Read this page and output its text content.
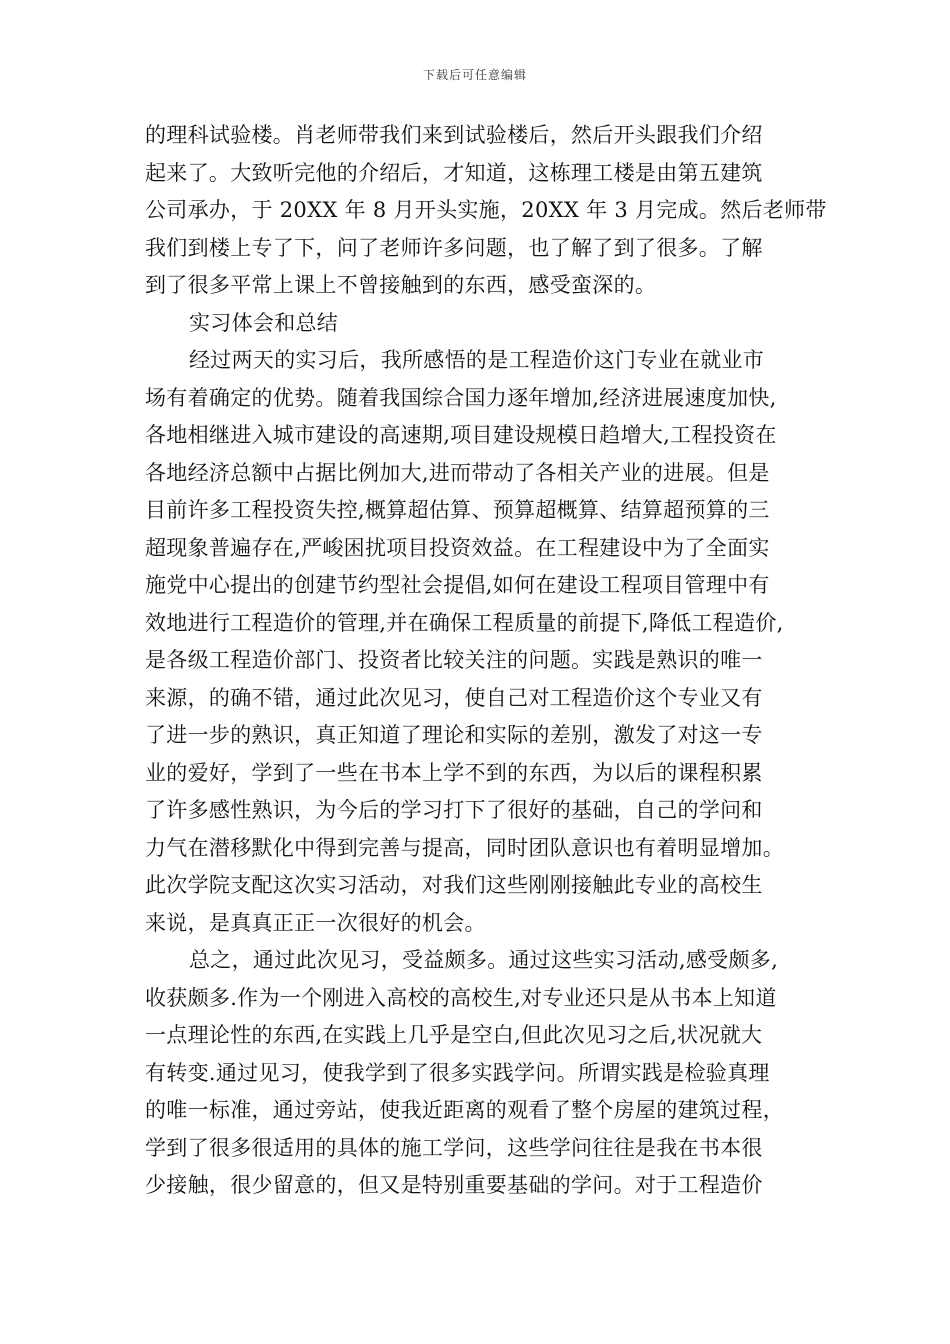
下载后可任意编辑
的理科试验楼。肖老师带我们来到试验楼后，然后开头跟我们介绍
起来了。大致听完他的介绍后，才知道，这栋理工楼是由第五建筑
公司承办，于 20XX 年 8 月开头实施，20XX 年 3 月完成。然后老师带
我们到楼上专了下，问了老师许多问题，也了解了到了很多。了解
到了很多平常上课上不曾接触到的东西，感受蛮深的。
实习体会和总结
经过两天的实习后，我所感悟的是工程造价这门专业在就业市
场有着确定的优势。随着我国综合国力逐年增加,经济进展速度加快,
各地相继进入城市建设的高速期,项目建设规模日趋增大,工程投资在
各地经济总额中占据比例加大,进而带动了各相关产业的进展。但是
目前许多工程投资失控,概算超估算、预算超概算、结算超预算的三
超现象普遍存在,严峻困扰项目投资效益。在工程建设中为了全面实
施党中心提出的创建节约型社会提倡,如何在建设工程项目管理中有
效地进行工程造价的管理,并在确保工程质量的前提下,降低工程造价,
是各级工程造价部门、投资者比较关注的问题。实践是熟识的唯一
来源，的确不错，通过此次见习，使自己对工程造价这个专业又有
了进一步的熟识，真正知道了理论和实际的差别，激发了对这一专
业的爱好，学到了一些在书本上学不到的东西，为以后的课程积累
了许多感性熟识，为今后的学习打下了很好的基础，自己的学问和
力气在潜移默化中得到完善与提高，同时团队意识也有着明显增加。
此次学院支配这次实习活动，对我们这些刚刚接触此专业的高校生
来说，是真真正正一次很好的机会。
总之，通过此次见习，受益颇多。通过这些实习活动,感受颇多,
收获颇多.作为一个刚进入高校的高校生,对专业还只是从书本上知道
一点理论性的东西,在实践上几乎是空白,但此次见习之后,状况就大
有转变.通过见习，使我学到了很多实践学问。所谓实践是检验真理
的唯一标准，通过旁站，使我近距离的观看了整个房屋的建筑过程，
学到了很多很适用的具体的施工学问，这些学问往往是我在书本很
少接触，很少留意的，但又是特别重要基础的学问。对于工程造价
